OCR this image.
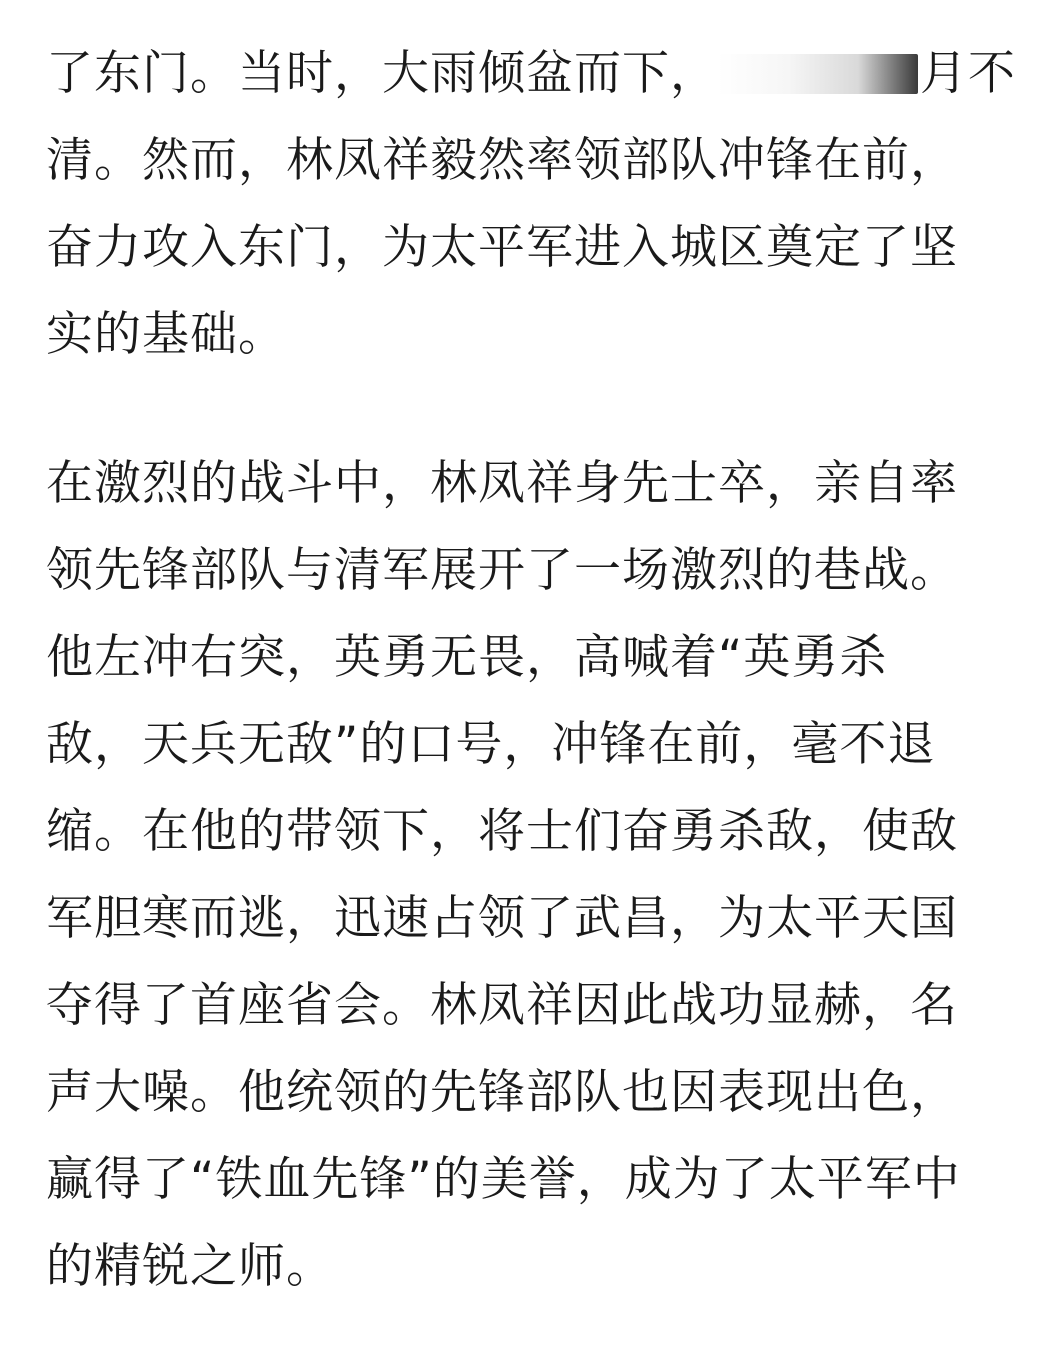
了东门。当时，大雨倾盆而下，	月不
清。然而，林凤祥毅然率领部队冲锋在前，
奋力攻入东门，为太平军进入城区奠定了坚
实的基础。
在激烈的战斗中，林凤祥身先士卒，亲自率
领先锋部队与清军展开了一场激烈的巷战。
他左冲右突，英勇无畏，高喊着“英勇杀
敌，天兵无敌”的口号，冲锋在前，毫不退
缩。在他的带领下，将士们奋勇杀敌，使敌
军胆寒而逃，迅速占领了武昌，为太平天国
夺得了首座省会。林凤祥因此战功显赫，名
声大噪。他统领的先锋部队也因表现出色，
赢得了“铁血先锋”的美誉，成为了太平军中
的精锐之师。
